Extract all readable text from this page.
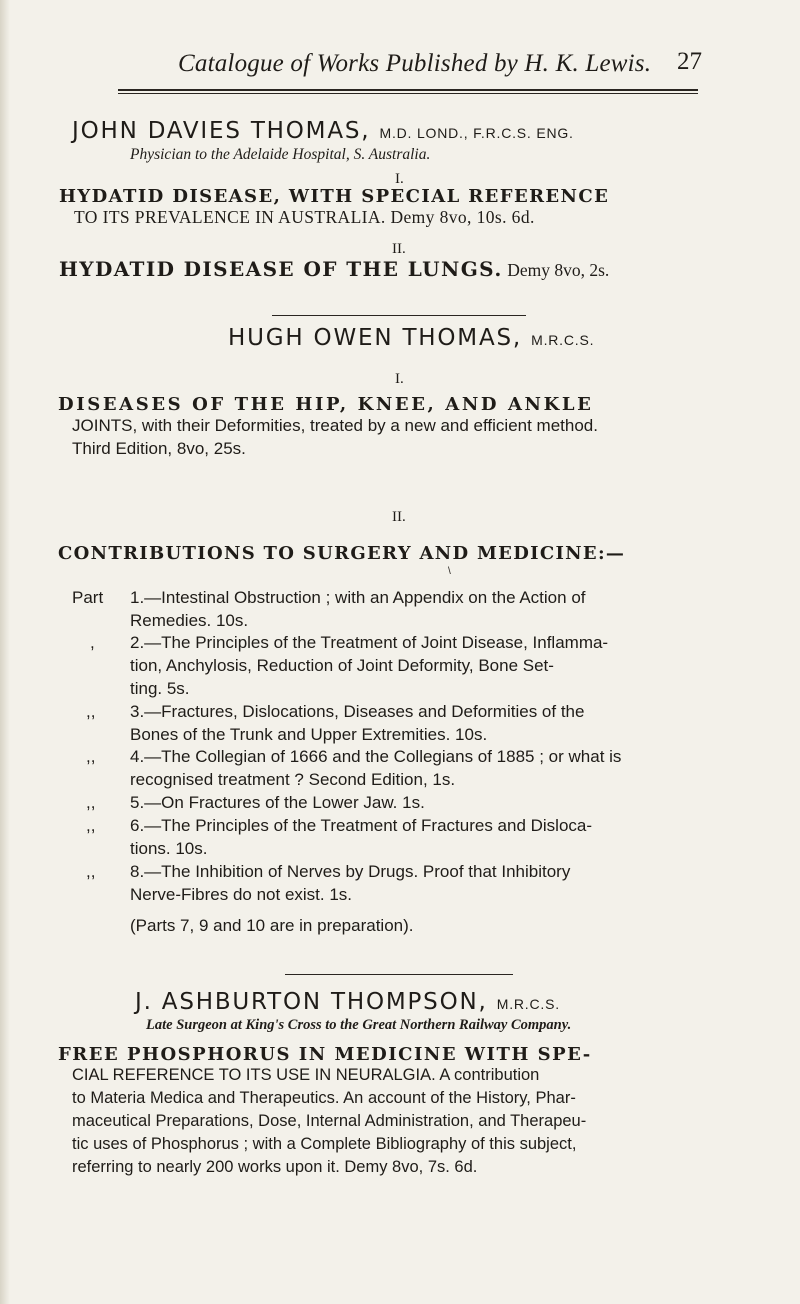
Catalogue of Works Published by H. K. Lewis.	27
JOHN DAVIES THOMAS, M.D. LOND., F.R.C.S. ENG.
Physician to the Adelaide Hospital, S. Australia.
I.
HYDATID DISEASE, WITH SPECIAL REFERENCE
TO ITS PREVALENCE IN AUSTRALIA. Demy 8vo, 10s. 6d.
II.
HYDATID DISEASE OF THE LUNGS. Demy 8vo, 2s.
HUGH OWEN THOMAS, M.R.C.S.
I.
DISEASES OF THE HIP, KNEE, AND ANKLE
JOINTS, with their Deformities, treated by a new and efficient method.
Third Edition, 8vo, 25s.
II.
CONTRIBUTIONS TO SURGERY AND MEDICINE:—
\
Part 1.—Intestinal Obstruction ; with an Appendix on the Action of
Remedies. 10s.
, 2.—The Principles of the Treatment of Joint Disease, Inflamma-
tion, Anchylosis, Reduction of Joint Deformity, Bone Set-
ting. 5s.
,, 3.—Fractures, Dislocations, Diseases and Deformities of the
Bones of the Trunk and Upper Extremities. 10s.
,, 4.—The Collegian of 1666 and the Collegians of 1885 ; or what is
recognised treatment ? Second Edition, 1s.
,, 5.—On Fractures of the Lower Jaw. 1s.
,, 6.—The Principles of the Treatment of Fractures and Disloca-
tions. 10s.
,, 8.—The Inhibition of Nerves by Drugs. Proof that Inhibitory
Nerve-Fibres do not exist. 1s.
(Parts 7, 9 and 10 are in preparation).
J. ASHBURTON THOMPSON, M.R.C.S.
Late Surgeon at King's Cross to the Great Northern Railway Company.
FREE PHOSPHORUS IN MEDICINE WITH SPE-
CIAL REFERENCE TO ITS USE IN NEURALGIA. A contribution
to Materia Medica and Therapeutics. An account of the History, Phar-
maceutical Preparations, Dose, Internal Administration, and Therapeu-
tic uses of Phosphorus ; with a Complete Bibliography of this subject,
referring to nearly 200 works upon it. Demy 8vo, 7s. 6d.
